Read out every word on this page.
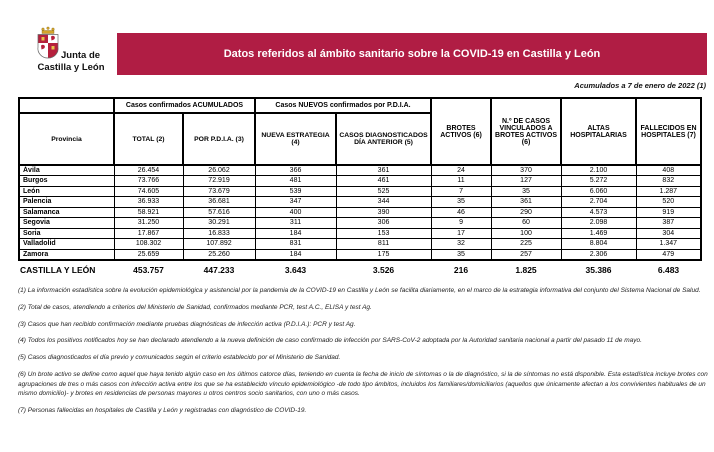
Junta de
Castilla y León
Datos referidos al ámbito sanitario sobre la COVID-19 en Castilla y León
Acumulados a 7 de enero de 2022 (1)
	Casos confirmados ACUMULADOS		Casos NUEVOS confirmados por P.D.I.A.		BROTES ACTIVOS (6)	N.º DE CASOS VINCULADOS A BROTES ACTIVOS (6)	ALTAS HOSPITALARIAS	FALLECIDOS EN HOSPITALES (7)
Provincia	TOTAL (2)	POR P.D.I.A. (3)	NUEVA ESTRATEGIA (4)	CASOS DIAGNOSTICADOS DÍA ANTERIOR (5)				
Ávila	26.454	26.062	366	361	24	370	2.100	408
Burgos	73.766	72.919	481	461	11	127	5.272	832
León	74.605	73.679	539	525	7	35	6.060	1.287
Palencia	36.933	36.681	347	344	35	361	2.704	520
Salamanca	58.921	57.616	400	390	46	290	4.573	919
Segovia	31.250	30.291	311	306	9	60	2.098	387
Soria	17.867	16.833	184	153	17	100	1.469	304
Valladolid	108.302	107.892	831	811	32	225	8.804	1.347
Zamora	25.659	25.260	184	175	35	257	2.306	479
CASTILLA Y LEÓN	453.757	447.233	3.643	3.526	216	1.825	35.386	6.483

(1) La información estadística sobre la evolución epidemiológica y asistencial por la pandemia de la COVID-19 en Castilla y León se facilita diariamente, en el marco de la estrategia informativa del conjunto del Sistema Nacional de Salud.

(2) Total de casos, atendiendo a criterios del Ministerio de Sanidad, confirmados mediante PCR, test A.C., ELISA y test Ag.

(3) Casos que han recibido confirmación mediante pruebas diagnósticas de infección activa (P.D.I.A.): PCR y test Ag.

(4) Todos los positivos notificados hoy se han declarado atendiendo a la nueva definición de caso confirmado de infección por SARS-CoV-2 adoptada por la Autoridad sanitaria nacional a partir del pasado 11 de mayo.

(5) Casos diagnosticados el día previo y comunicados según el criterio establecido por el Ministerio de Sanidad.

(6) Un brote activo se define como aquel que haya tenido algún caso en los últimos catorce días, teniendo en cuenta la fecha de inicio de síntomas o la de diagnóstico, si la de síntomas no está disponible. Esta estadística incluye brotes con agrupaciones de tres o más casos con infección activa entre los que se ha establecido vínculo epidemiológico -de todo tipo ámbitos, incluidos los familiares/domiciliarios (aquellos que únicamente afectan a los convivientes habituales de un mismo domicilio)- y brotes en residencias de personas mayores u otros centros socio sanitarios, con uno o más casos.

(7) Personas fallecidas en hospitales de Castilla y León y registradas con diagnóstico de COVID-19.
